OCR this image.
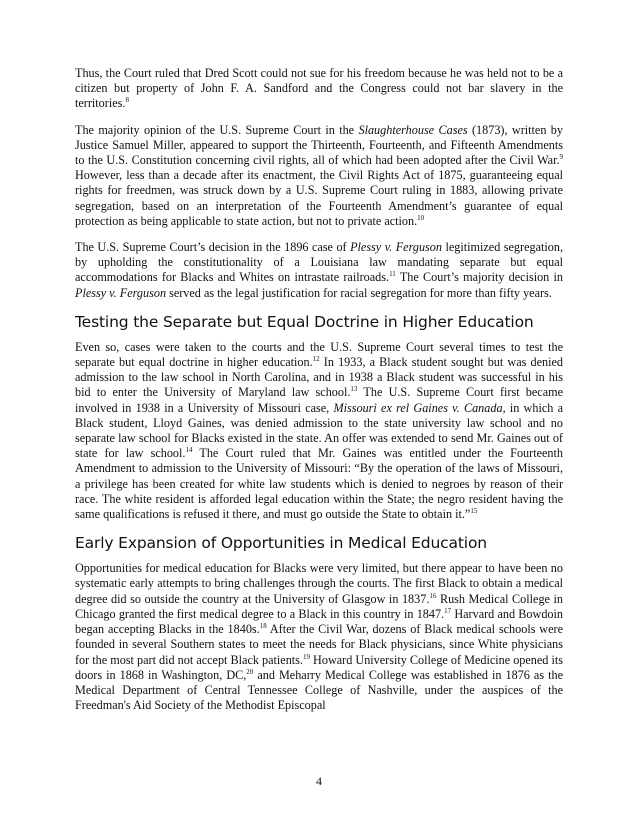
Thus, the Court ruled that Dred Scott could not sue for his freedom because he was held not to be a citizen but property of John F. A. Sandford and the Congress could not bar slavery in the territories.$^8$

The majority opinion of the U.S. Supreme Court in the Slaughterhouse Cases (1873), written by Justice Samuel Miller, appeared to support the Thirteenth, Fourteenth, and Fifteenth Amendments to the U.S. Constitution concerning civil rights, all of which had been adopted after the Civil War.$^9$ However, less than a decade after its enactment, the Civil Rights Act of 1875, guaranteeing equal rights for freedmen, was struck down by a U.S. Supreme Court ruling in 1883, allowing private segregation, based on an interpretation of the Fourteenth Amendment’s guarantee of equal protection as being applicable to state action, but not to private action.$^{10}$

The U.S. Supreme Court’s decision in the 1896 case of Plessy v. Ferguson legitimized segregation, by upholding the constitutionality of a Louisiana law mandating separate but equal accommodations for Blacks and Whites on intrastate railroads.$^{11}$ The Court’s majority decision in Plessy v. Ferguson served as the legal justification for racial segregation for more than fifty years.

Testing the Separate but Equal Doctrine in Higher Education

Even so, cases were taken to the courts and the U.S. Supreme Court several times to test the separate but equal doctrine in higher education.$^{12}$ In 1933, a Black student sought but was denied admission to the law school in North Carolina, and in 1938 a Black student was successful in his bid to enter the University of Maryland law school.$^{13}$ The U.S. Supreme Court first became involved in 1938 in a University of Missouri case, Missouri ex rel Gaines v. Canada, in which a Black student, Lloyd Gaines, was denied admission to the state university law school and no separate law school for Blacks existed in the state. An offer was extended to send Mr. Gaines out of state for law school.$^{14}$ The Court ruled that Mr. Gaines was entitled under the Fourteenth Amendment to admission to the University of Missouri: “By the operation of the laws of Missouri, a privilege has been created for white law students which is denied to negroes by reason of their race. The white resident is afforded legal education within the State; the negro resident having the same qualifications is refused it there, and must go outside the State to obtain it.”$^{15}$

Early Expansion of Opportunities in Medical Education

Opportunities for medical education for Blacks were very limited, but there appear to have been no systematic early attempts to bring challenges through the courts. The first Black to obtain a medical degree did so outside the country at the University of Glasgow in 1837.16 Rush Medical College in Chicago granted the first medical degree to a Black in this country in 1847.17 Harvard and Bowdoin began accepting Blacks in the 1840s.$^{18}$ After the Civil War, dozens of Black medical schools were founded in several Southern states to meet the needs for Black physicians, since White physicians for the most part did not accept Black patients.$^{19}$ Howard University College of Medicine opened its doors in 1868 in Washington, DC,$^{20}$ and Meharry Medical College was established in 1876 as the Medical Department of Central Tennessee College of Nashville, under the auspices of the Freedman's Aid Society of the Methodist Episcopal

4
